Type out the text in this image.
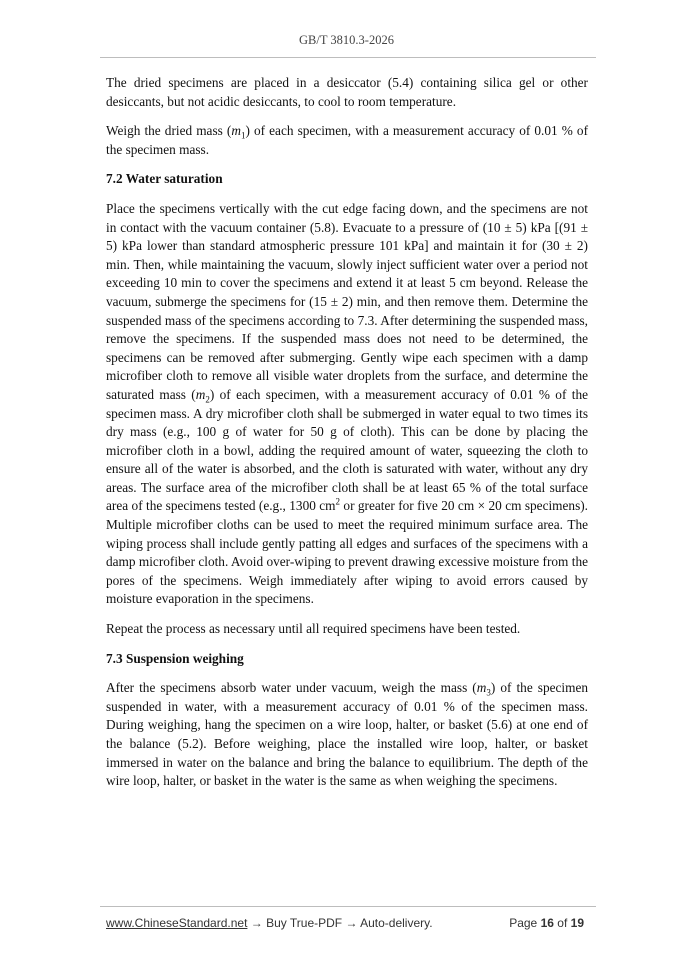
GB/T 3810.3-2026

The dried specimens are placed in a desiccator (5.4) containing silica gel or other desiccants, but not acidic desiccants, to cool to room temperature.

Weigh the dried mass $(m_1)$ of each specimen, with a measurement accuracy of 0.01 % of the specimen mass.

7.2 Water saturation

Place the specimens vertically with the cut edge facing down, and the specimens are not in contact with the vacuum container (5.8). Evacuate to a pressure of (10 ± 5) kPa [(91 ± 5) kPa lower than standard atmospheric pressure 101 kPa] and maintain it for (30 ± 2) min. Then, while maintaining the vacuum, slowly inject sufficient water over a period not exceeding 10 min to cover the specimens and extend it at least 5 cm beyond. Release the vacuum, submerge the specimens for (15 ± 2) min, and then remove them. Determine the suspended mass of the specimens according to 7.3. After determining the suspended mass, remove the specimens. If the suspended mass does not need to be determined, the specimens can be removed after submerging. Gently wipe each specimen with a damp microfiber cloth to remove all visible water droplets from the surface, and determine the saturated mass $(m_2)$ of each specimen, with a measurement accuracy of 0.01 % of the specimen mass. A dry microfiber cloth shall be submerged in water equal to two times its dry mass (e.g., 100 g of water for 50 g of cloth). This can be done by placing the microfiber cloth in a bowl, adding the required amount of water, squeezing the cloth to ensure all of the water is absorbed, and the cloth is saturated with water, without any dry areas. The surface area of the microfiber cloth shall be at least 65 % of the total surface area of the specimens tested (e.g., 1300 $cm^2$ or greater for five 20 cm × 20 cm specimens). Multiple microfiber cloths can be used to meet the required minimum surface area. The wiping process shall include gently patting all edges and surfaces of the specimens with a damp microfiber cloth. Avoid over-wiping to prevent drawing excessive moisture from the pores of the specimens. Weigh immediately after wiping to avoid errors caused by moisture evaporation in the specimens.

Repeat the process as necessary until all required specimens have been tested.

7.3 Suspension weighing

After the specimens absorb water under vacuum, weigh the mass $(m_3)$ of the specimen suspended in water, with a measurement accuracy of 0.01 % of the specimen mass. During weighing, hang the specimen on a wire loop, halter, or basket (5.6) at one end of the balance (5.2). Before weighing, place the installed wire loop, halter, or basket immersed in water on the balance and bring the balance to equilibrium. The depth of the wire loop, halter, or basket in the water is the same as when weighing the specimens.

www.ChineseStandard.net → Buy True-PDF → Auto-delivery.	Page 16 of 19
